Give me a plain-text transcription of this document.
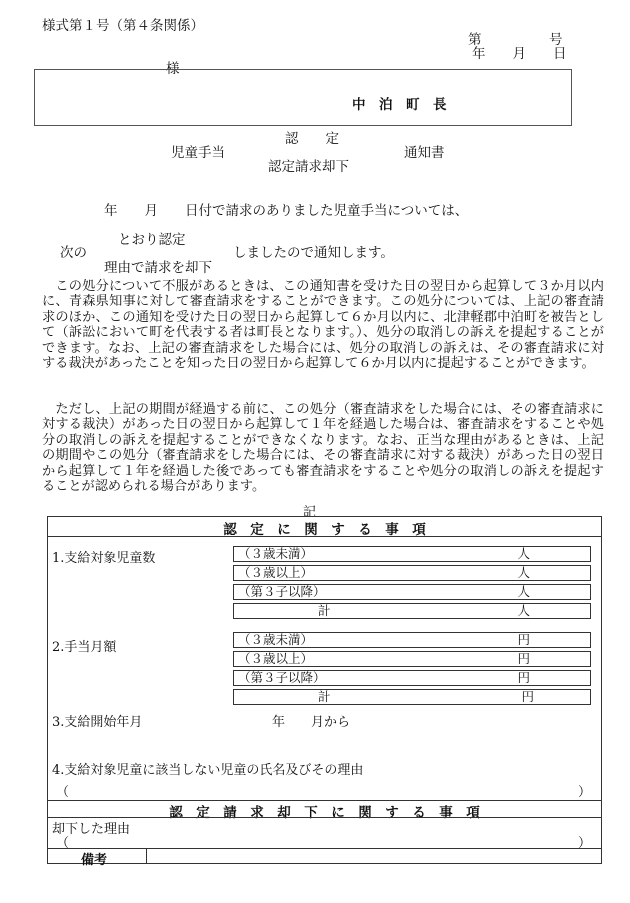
様式第１号（第４条関係）
第　　　　　号
年　　月　　日
様
中　泊　町　長
認　　定
児童手当	通知書
認定請求却下
年　　月　　日付で請求のありました児童手当については、
とおり認定
次の	しましたので通知します。
理由で請求を却下
　この処分について不服があるときは、この通知書を受けた日の翌日から起算して３か月以内に、青森県知事に対して審査請求をすることができます。この処分については、上記の審査請求のほか、この通知を受けた日の翌日から起算して６か月以内に、北津軽郡中泊町を被告として（訴訟において町を代表する者は町長となります。）、処分の取消しの訴えを提起することができます。なお、上記の審査請求をした場合には、処分の取消しの訴えは、その審査請求に対する裁決があったことを知った日の翌日から起算して６か月以内に提起することができます。
　ただし、上記の期間が経過する前に、この処分（審査請求をした場合には、その審査請求に対する裁決）があった日の翌日から起算して１年を経過した場合は、審査請求をすることや処分の取消しの訴えを提起することができなくなります。なお、正当な理由があるときは、上記の期間やこの処分（審査請求をした場合には、その審査請求に対する裁決）があった日の翌日から起算して１年を経過した後であっても審査請求をすることや処分の取消しの訴えを提起することが認められる場合があります。
記
認　定　に　関　す　る　事　項
1.支給対象児童数	（３歳未満）	人
（３歳以上）	人
（第３子以降）	人
計	人
2.手当月額
（３歳未満）	円
（３歳以上）	円
（第３子以降）	円
計	円
3.支給開始年月	年　　月から
4.支給対象児童に該当しない児童の氏名及びその理由
（	）
認　定　請　求　却　下　に　関　す　る　事　項
却下した理由
（	）
備考
